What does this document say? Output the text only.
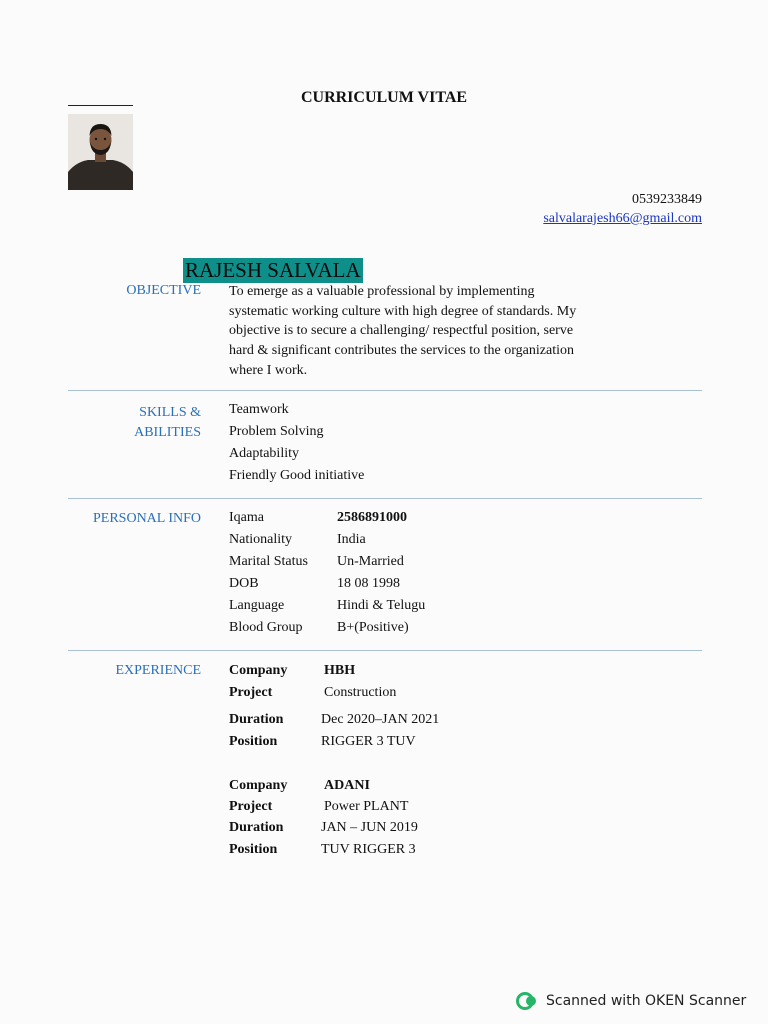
CURRICULUM VITAE
0539233849
salvalarajesh66@gmail.com
RAJESH SALVALA
OBJECTIVE To emerge as a valuable professional by implementing
systematic working culture with high degree of standards. My
objective is to secure a challenging/ respectful position, serve
hard & significant contributes the services to the organization
where I work.
SKILLS &
ABILITIES
Teamwork
Problem Solving
Adaptability
Friendly Good initiative
PERSONAL INFO Iqama	2586891000
Nationality	India
Marital Status Un-Married
DOB	18 08 1998
Language	Hindi & Telugu
Blood Group B+(Positive)
EXPERIENCE Company	HBH
Project	Construction
Duration	Dec 2020–JAN 2021
Position	RIGGER 3 TUV
Company	ADANI
Project	Power PLANT
Duration	JAN – JUN 2019
Position	TUV RIGGER 3
Scanned with OKEN Scanner
